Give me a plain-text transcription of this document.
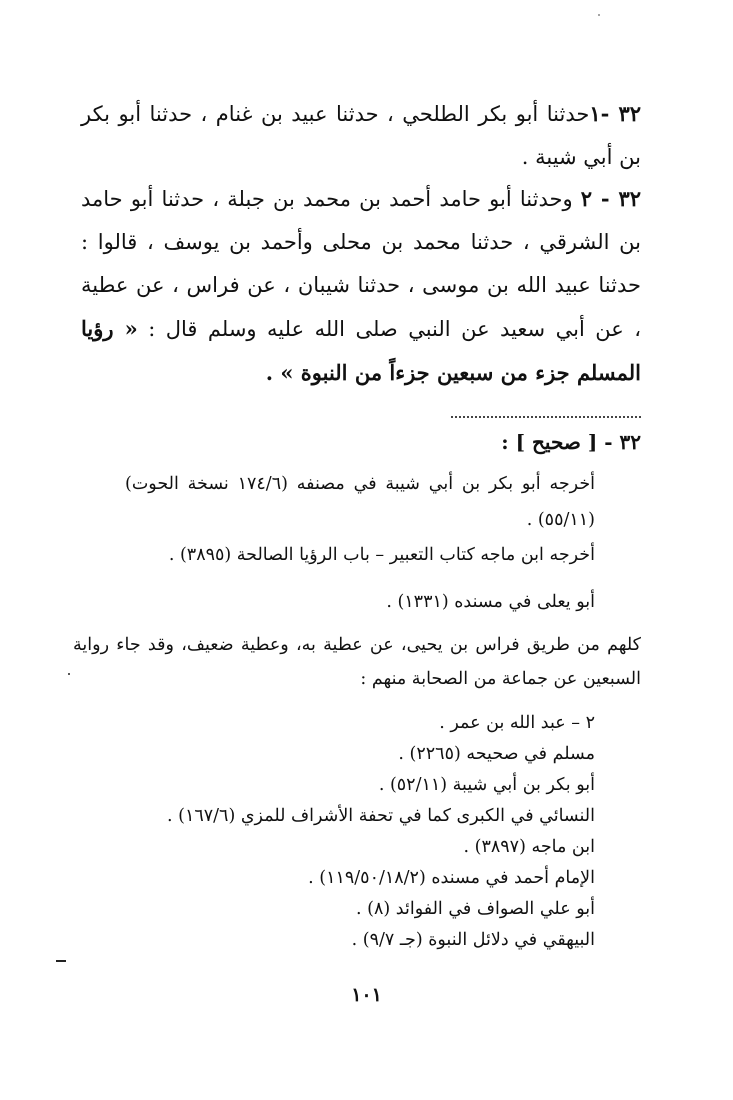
٣٢ -١حدثنا أبو بكر الطلحي ، حدثنا عبيد بن غنام ، حدثنا أبو بكر بن أبي شيبة .
٣٢ - ٢ وحدثنا أبو حامد أحمد بن محمد بن جبلة ، حدثنا أبو حامد بن الشرقي ، حدثنا محمد بن محلى وأحمد بن يوسف ، قالوا : حدثنا عبيد الله بن موسى ، حدثنا شيبان ، عن فراس ، عن عطية ، عن أبي سعيد عن النبي صلى الله عليه وسلم قال : « رؤيا المسلم جزء من سبعين جزءاً من النبوة » .
٣٢ - [ صحيح ] :
أخرجه أبو بكر بن أبي شيبة في مصنفه (١٧٤/٦ نسخة الحوت) (٥٥/١١) .
أخرجه ابن ماجه كتاب التعبير – باب الرؤيا الصالحة (٣٨٩٥) .
أبو يعلى في مسنده (١٣٣١) .
كلهم من طريق فراس بن يحيى، عن عطية به، وعطية ضعيف، وقد جاء رواية السبعين عن جماعة من الصحابة منهم :
٢ – عبد الله بن عمر .
مسلم في صحيحه (٢٢٦٥) .
أبو بكر بن أبي شيبة (٥٢/١١) .
النسائي في الكبرى كما في تحفة الأشراف للمزي (١٦٧/٦) .
ابن ماجه (٣٨٩٧) .
الإمام أحمد في مسنده (١١٩/٥٠/١٨/٢) .
أبو علي الصواف في الفوائد (٨) .
البيهقي في دلائل النبوة (جـ ٩/٧) .
١٠١
